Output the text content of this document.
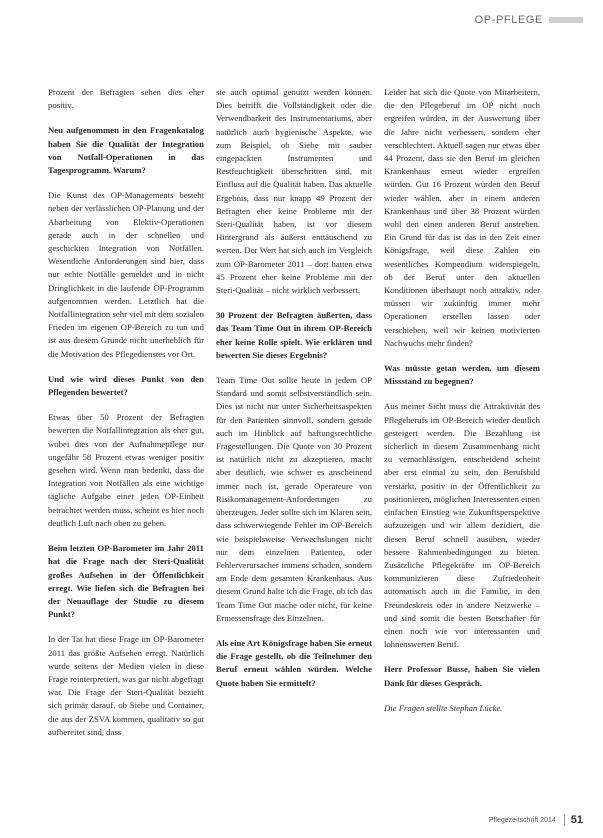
OP-PFLEGE

Prozent der Befragten sehen dies eher positiv.

Neu aufgenommen in den Fragenkatalog haben Sie die Qualität der Integration von Notfall-Operationen in das Tagesprogramm. Warum?

Die Kunst des OP-Managements besteht neben der verlässlichen OP-Planung und der Abarbeitung von Elektiv-Operationen gerade auch in der schnellen und geschickten Integration von Notfällen. Wesentliche Anforderungen sind hier, dass nur echte Notfälle gemeldet und in nicht Dringlichkeit in die laufende OP-Programm aufgenommen werden. Letztlich hat die Notfallintegration sehr viel mit dem sozialen Frieden im eigenen OP-Bereich zu tun und ist aus diesem Grunde nicht unerheblich für die Motivation des Pflegedienstes vor Ort.

Und wie wird dieses Punkt von den Pflegenden bewertet?

Etwas über 50 Prozent der Befragten bewerten die Notfallintegration als eher gut, wobei dies von der Aufnahmepflege nur ungefähr 58 Prozent etwas weniger positiv gesehen wird. Wenn man bedenkt, dass die Integration von Notfällen als eine wichtige tägliche Aufgabe einer jeden OP-Einheit betrachtet werden muss, scheint es hier noch deutlich Luft nach oben zu geben.

Beim letzten OP-Barometer im Jahr 2011 hat die Frage nach der Steri-Qualität großes Aufsehen in der Öffentlichkeit erregt. Wie liefen sich die Befragten bei der Neuauflage der Studie zu diesem Punkt?

In der Tat hat diese Frage im OP-Barometer 2011 das größte Aufsehen erregt. Natürlich wurde seitens der Medien vielen in diese Frage reinterpretiert, was gar nicht abgefragt war. Die Frage der Steri-Qualität bezieht sich primär darauf, ob Siebe und Container, die aus der ZSVA kommen, qualitativ so gut aufbereitet sind, dass

sie auch optimal genutzt werden können. Dies betrifft die Vollständigkeit oder die Verwendbarkeit des Instrumentariums, aber natürlich auch hygienische Aspekte, wie zum Beispiel, ob Siebe mit sauber eingepackten Instrumenten und Restfeuchtigkeit überschritten sind, mit Einfluss auf die Qualität haben. Das aktuelle Ergebnis, dass nur knapp 49 Prozent der Befragten eher keine Probleme mit der Steri-Qualität haben, ist vor diesem Hintergrund als äußerst enttäuschend zu werten. Der Wert hat sich auch im Vergleich zum OP-Barometer 2011 – dort hatten etwa 45 Prozent eher keine Probleme mit der Steri-Qualität – nicht wirklich verbessert.

30 Prozent der Befragten äußerten, dass das Team Time Out in ihrem OP-Bereich eher keine Rolle spielt. Wie erklären und bewerten Sie dieses Ergebnis?

Team Time Out sollte heute in jedem OP Standard und somit selbstverständlich sein. Dies ist nicht nur unter Sicherheitsaspekten für den Patienten sinnvoll, sondern gerade auch im Hinblick auf haftungsrechtliche Fragestellungen. Die Quote von 30 Prozent ist natürlich nicht zu akzeptieren, macht aber deutlich, wie schwer es anscheinend immer noch ist, gerade Operateure von Risikomanagement-Anforderungen zu überzeugen. Jeder sollte sich im Klaren sein, dass schwerwiegende Fehler im OP-Bereich wie beispielsweise Verwechslungen nicht nur dem einzelnen Patienten, oder Fehlerverursacher immens schaden, sondern am Ende dem gesamten Krankenhaus. Aus diesem Grund halte ich die Frage, ob ich das Team Time Out mache oder nicht, für keine Ermessensfrage des Einzelnen.

Als eine Art Königsfrage haben Sie erneut die Frage gestellt, ob die Teilnehmer den Beruf erneut wählen würden. Welche Quote haben Sie ermittelt?

Leider hat sich die Quote von Mitarbeitern, die den Pflegeberuf im OP nicht noch ergreifen würden, in der Auswertung über die Jahre nicht verbessert, sondern eher verschlechtert. Aktuell sagen nur etwas über 44 Prozent, dass sie den Beruf im gleichen Krankenhaus erneut wieder ergreifen würden. Gut 16 Prozent würden den Beruf wieder wählen, aber in einem anderen Krankenhaus und über 38 Prozent würden wohl den einen anderen Beruf anstreben. Ein Grund für das ist das in den Zeit einer Königsfrage, weil diese Zahlen ein wesentliches Kompendium widerspiegeln, ob der Beruf unter den aktuellen Konditionen überhaupt noch attraktiv, oder müssen wir zukünftig immer mehr Operationen erstellen lassen oder verschieben, weil wir keinen motivierten Nachwuchs mehr finden?

Was müsste getan werden, um diesem Missstand zu begegnen?

Aus meiner Sicht muss die Attraktivität des Pflegeberufs im OP-Bereich wieder deutlich gesteigert werden. Die Bezahlung ist sicherlich in diesem Zusammenhang nicht zu vernachlässigen, entscheidend scheint aber erst einmal zu sein, den Berufsbild verstärkt, positiv in der Öffentlichkeit zu positionieren, möglichen Interessenten einen einfachen Einstieg wie Zukunftsperspektive aufzuzeigen und wir allem dezidiert, die diesen Beruf schnell ausüben, wieder bessere Rahmenbedingungen zu bieten. Zusätzliche Pflegekräfte im OP-Bereich kommunizieren diese Zufriedenheit automatisch auch in die Familie, in den Freundeskreis oder in andere Netzwerke – und sind somit die besten Botschafter für einen noch wie vor interessanten und lohnenswerten Beruf.

Herr Professor Busse, haben Sie vielen Dank für dieses Gespräch.

Die Fragen stellte Stephan Lücke.

Pflegezeitschrift 2014 51
